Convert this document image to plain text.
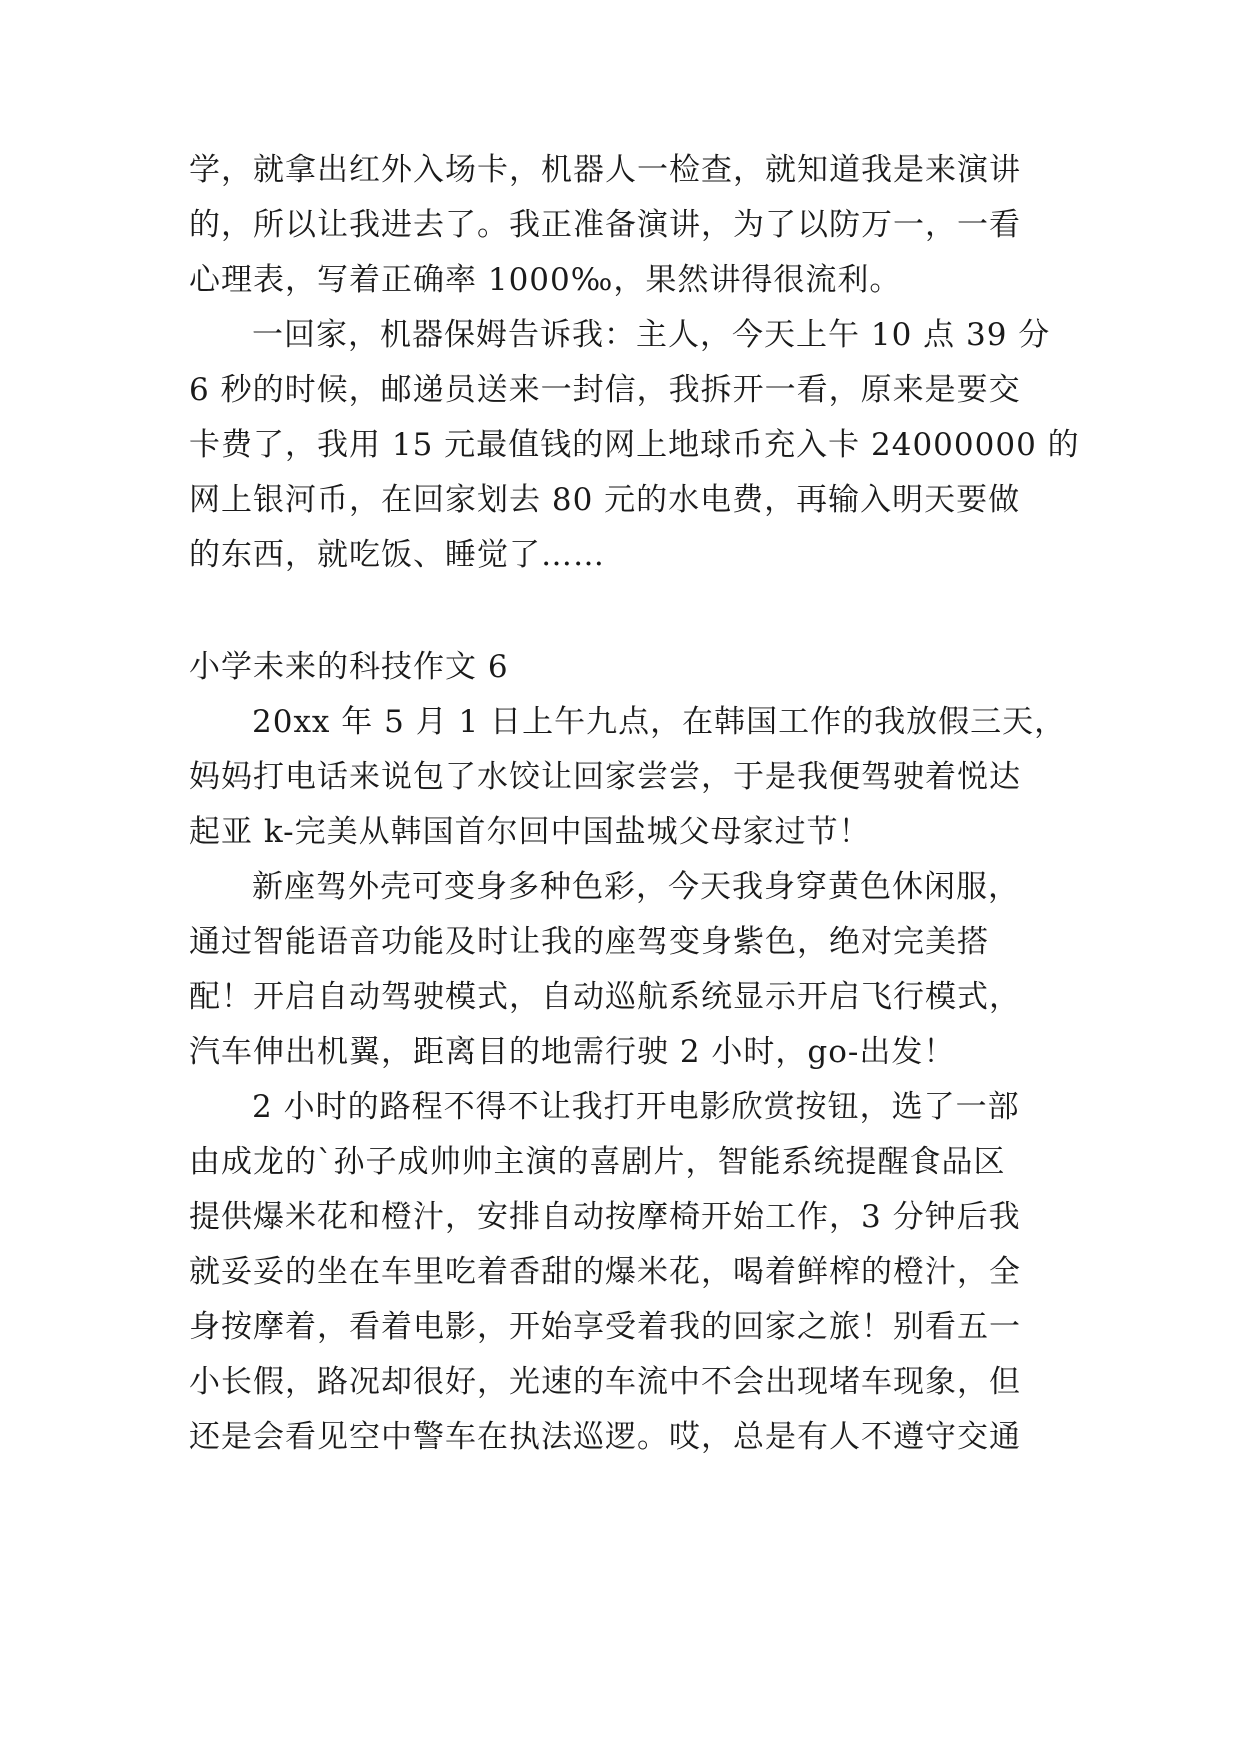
学，就拿出红外入场卡，机器人一检查，就知道我是来演讲
的，所以让我进去了。我正准备演讲，为了以防万一，一看
心理表，写着正确率 1000‰，果然讲得很流利。
一回家，机器保姆告诉我：主人，今天上午 10 点 39 分
6 秒的时候，邮递员送来一封信，我拆开一看，原来是要交
卡费了，我用 15 元最值钱的网上地球币充入卡 24000000 的
网上银河币，在回家划去 80 元的水电费，再输入明天要做
的东西，就吃饭、睡觉了……
小学未来的科技作文 6
20xx 年 5 月 1 日上午九点，在韩国工作的我放假三天，
妈妈打电话来说包了水饺让回家尝尝，于是我便驾驶着悦达
起亚 k-完美从韩国首尔回中国盐城父母家过节！
新座驾外壳可变身多种色彩，今天我身穿黄色休闲服，
通过智能语音功能及时让我的座驾变身紫色，绝对完美搭
配！开启自动驾驶模式，自动巡航系统显示开启飞行模式，
汽车伸出机翼，距离目的地需行驶 2 小时，go-出发！
2 小时的路程不得不让我打开电影欣赏按钮，选了一部
由成龙的`孙子成帅帅主演的喜剧片，智能系统提醒食品区
提供爆米花和橙汁，安排自动按摩椅开始工作，3 分钟后我
就妥妥的坐在车里吃着香甜的爆米花，喝着鲜榨的橙汁，全
身按摩着，看着电影，开始享受着我的回家之旅！别看五一
小长假，路况却很好，光速的车流中不会出现堵车现象，但
还是会看见空中警车在执法巡逻。哎，总是有人不遵守交通
